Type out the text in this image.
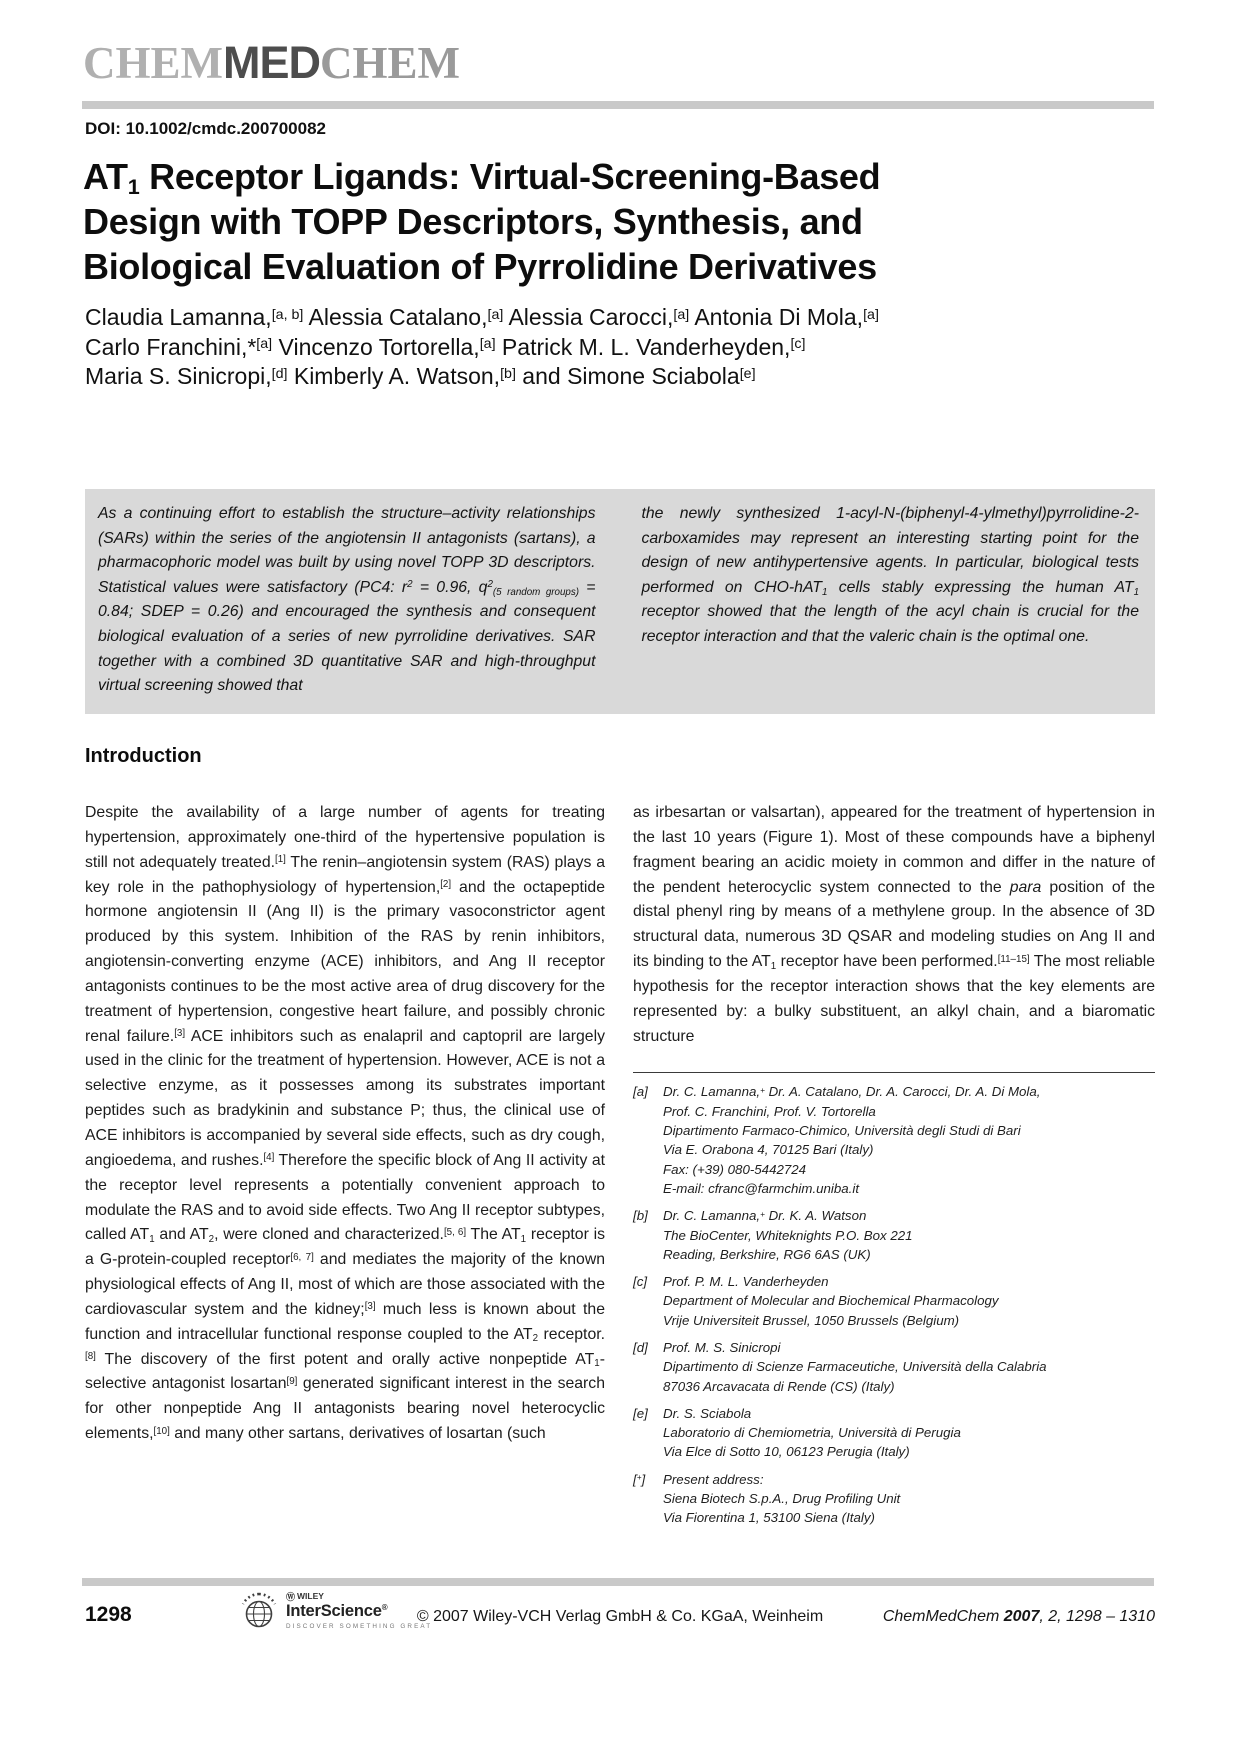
CHEMMEDCHEM
DOI: 10.1002/cmdc.200700082
AT1 Receptor Ligands: Virtual-Screening-Based
Design with TOPP Descriptors, Synthesis, and
Biological Evaluation of Pyrrolidine Derivatives
Claudia Lamanna,[a, b] Alessia Catalano,[a] Alessia Carocci,[a] Antonia Di Mola,[a]
Carlo Franchini,*[a] Vincenzo Tortorella,[a] Patrick M. L. Vanderheyden,[c]
Maria S. Sinicropi,[d] Kimberly A. Watson,[b] and Simone Sciabola[e]
As a continuing effort to establish the structure–activity relationships (SARs) within the series of the angiotensin II antagonists (sartans), a pharmacophoric model was built by using novel TOPP 3D descriptors. Statistical values were satisfactory (PC4: $r^2 = 0.96$, $q^2(5$ random groups) = 0.84; SDEP = 0.26) and encouraged the synthesis and consequent biological evaluation of a series of new pyrrolidine derivatives. SAR together with a combined 3D quantitative SAR and high-throughput virtual screening showed that
the newly synthesized 1-acyl-N-(biphenyl-4-ylmethyl)pyrrolidine-2-carboxamides may represent an interesting starting point for the design of new antihypertensive agents. In particular, biological tests performed on CHO-hAT1 cells stably expressing the human AT1 receptor showed that the length of the acyl chain is crucial for the receptor interaction and that the valeric chain is the optimal one.
Introduction
Despite the availability of a large number of agents for treating hypertension, approximately one-third of the hypertensive population is still not adequately treated.[1] The renin–angiotensin system (RAS) plays a key role in the pathophysiology of hypertension,[2] and the octapeptide hormone angiotensin II (Ang II) is the primary vasoconstrictor agent produced by this system. Inhibition of the RAS by renin inhibitors, angiotensin-converting enzyme (ACE) inhibitors, and Ang II receptor antagonists continues to be the most active area of drug discovery for the treatment of hypertension, congestive heart failure, and possibly chronic renal failure.[3] ACE inhibitors such as enalapril and captopril are largely used in the clinic for the treatment of hypertension. However, ACE is not a selective enzyme, as it possesses among its substrates important peptides such as bradykinin and substance P; thus, the clinical use of ACE inhibitors is accompanied by several side effects, such as dry cough, angioedema, and rushes.[4] Therefore the specific block of Ang II activity at the receptor level represents a potentially convenient approach to modulate the RAS and to avoid side effects. Two Ang II receptor subtypes, called AT1 and AT2, were cloned and characterized.[5, 6] The AT1 receptor is a G-protein-coupled receptor[6, 7] and mediates the majority of the known physiological effects of Ang II, most of which are those associated with the cardiovascular system and the kidney;[3] much less is known about the function and intracellular functional response coupled to the AT2 receptor.[8] The discovery of the first potent and orally active nonpeptide AT1-selective antagonist losartan[9] generated significant interest in the search for other nonpeptide Ang II antagonists bearing novel heterocyclic elements,[10] and many other sartans, derivatives of losartan (such
as irbesartan or valsartan), appeared for the treatment of hypertension in the last 10 years (Figure 1). Most of these compounds have a biphenyl fragment bearing an acidic moiety in common and differ in the nature of the pendent heterocyclic system connected to the para position of the distal phenyl ring by means of a methylene group. In the absence of 3D structural data, numerous 3D QSAR and modeling studies on Ang II and its binding to the AT1 receptor have been performed.[11–15] The most reliable hypothesis for the receptor interaction shows that the key elements are represented by: a bulky substituent, an alkyl chain, and a biaromatic structure
[a]	Dr. C. Lamanna,+ Dr. A. Catalano, Dr. A. Carocci, Dr. A. Di Mola,
Prof. C. Franchini, Prof. V. Tortorella
Dipartimento Farmaco-Chimico, Università degli Studi di Bari
Via E. Orabona 4, 70125 Bari (Italy)
Fax: (+39) 080-5442724
E-mail: cfranc@farmchim.uniba.it
[b]	Dr. C. Lamanna,+ Dr. K. A. Watson
The BioCenter, Whiteknights P.O. Box 221
Reading, Berkshire, RG6 6AS (UK)
[c]	Prof. P. M. L. Vanderheyden
Department of Molecular and Biochemical Pharmacology
Vrije Universiteit Brussel, 1050 Brussels (Belgium)
[d]	Prof. M. S. Sinicropi
Dipartimento di Scienze Farmaceutiche, Università della Calabria
87036 Arcavacata di Rende (CS) (Italy)
[e]	Dr. S. Sciabola
Laboratorio di Chemiometria, Università di Perugia
Via Elce di Sotto 10, 06123 Perugia (Italy)
[+]	Present address:
Siena Biotech S.p.A., Drug Profiling Unit
Via Fiorentina 1, 53100 Siena (Italy)
1298
Ⓦ WILEY
InterScience®
DISCOVER SOMETHING GREAT
© 2007 Wiley-VCH Verlag GmbH & Co. KGaA, Weinheim	ChemMedChem 2007, 2, 1298 – 1310
